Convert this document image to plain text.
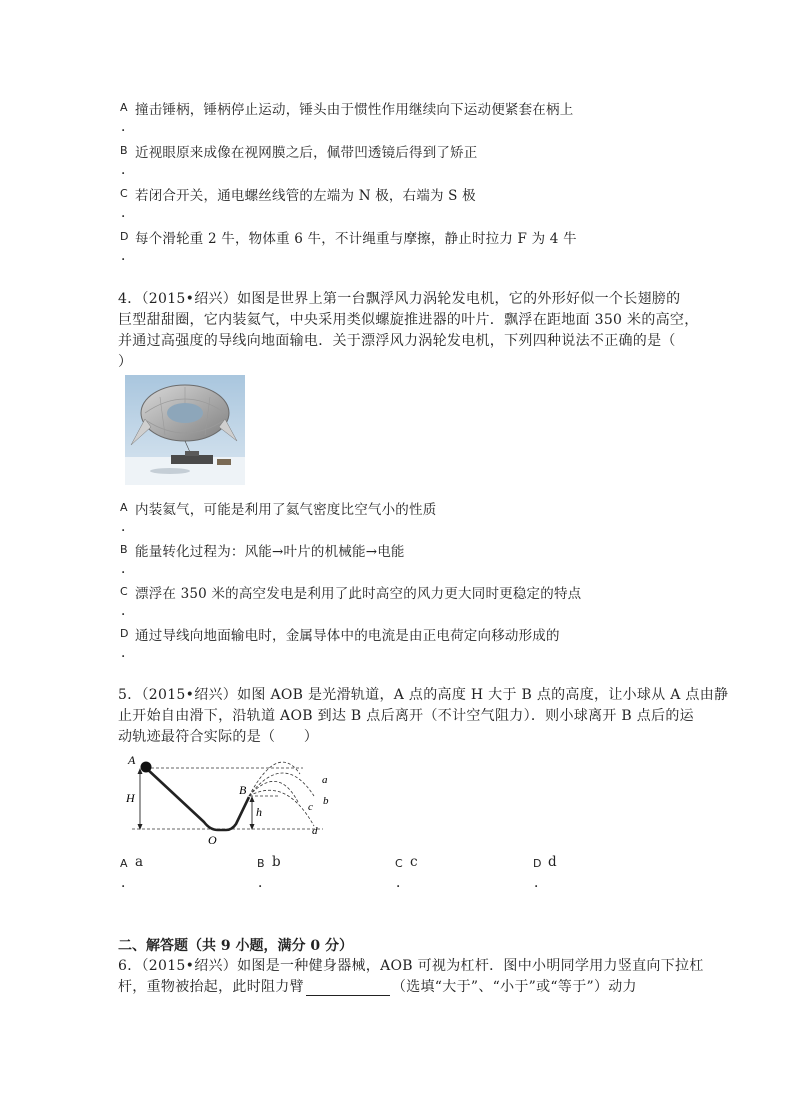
A 撞击锤柄，锤柄停止运动，锤头由于惯性作用继续向下运动便紧套在柄上
．
B 近视眼原来成像在视网膜之后，佩带凹透镜后得到了矫正
．
C 若闭合开关，通电螺丝线管的左端为 N 极，右端为 S 极
．
D 每个滑轮重 2 牛，物体重 6 牛，不计绳重与摩擦，静止时拉力 F 为 4 牛
．
4．（2015•绍兴）如图是世界上第一台飘浮风力涡轮发电机，它的外形好似一个长翅膀的
巨型甜甜圈，它内装氦气，中央采用类似螺旋推进器的叶片．飘浮在距地面 350 米的高空，
并通过高强度的导线向地面输电．关于漂浮风力涡轮发电机，下列四种说法不正确的是（
）
A 内装氦气，可能是利用了氦气密度比空气小的性质
．
B 能量转化过程为：风能→叶片的机械能→电能
．
C 漂浮在 350 米的高空发电是利用了此时高空的风力更大同时更稳定的特点
．
D 通过导线向地面输电时，金属导体中的电流是由正电荷定向移动形成的
．
5．（2015•绍兴）如图 AOB 是光滑轨道，A 点的高度 H 大于 B 点的高度，让小球从 A 点由静
止开始自由滑下，沿轨道 AOB 到达 B 点后离开（不计空气阻力）．则小球离开 B 点后的运
动轨迹最符合实际的是（　　）
A
H
B
h
O
a
b
c
d
A a
．
B b
．
C c
．
D d
．
二、解答题（共 9 小题，满分 0 分）
6．（2015•绍兴）如图是一种健身器械，AOB 可视为杠杆．图中小明同学用力竖直向下拉杠
杆，重物被抬起，此时阻力臂	（选填“大于”、“小于”或“等于”）动力
